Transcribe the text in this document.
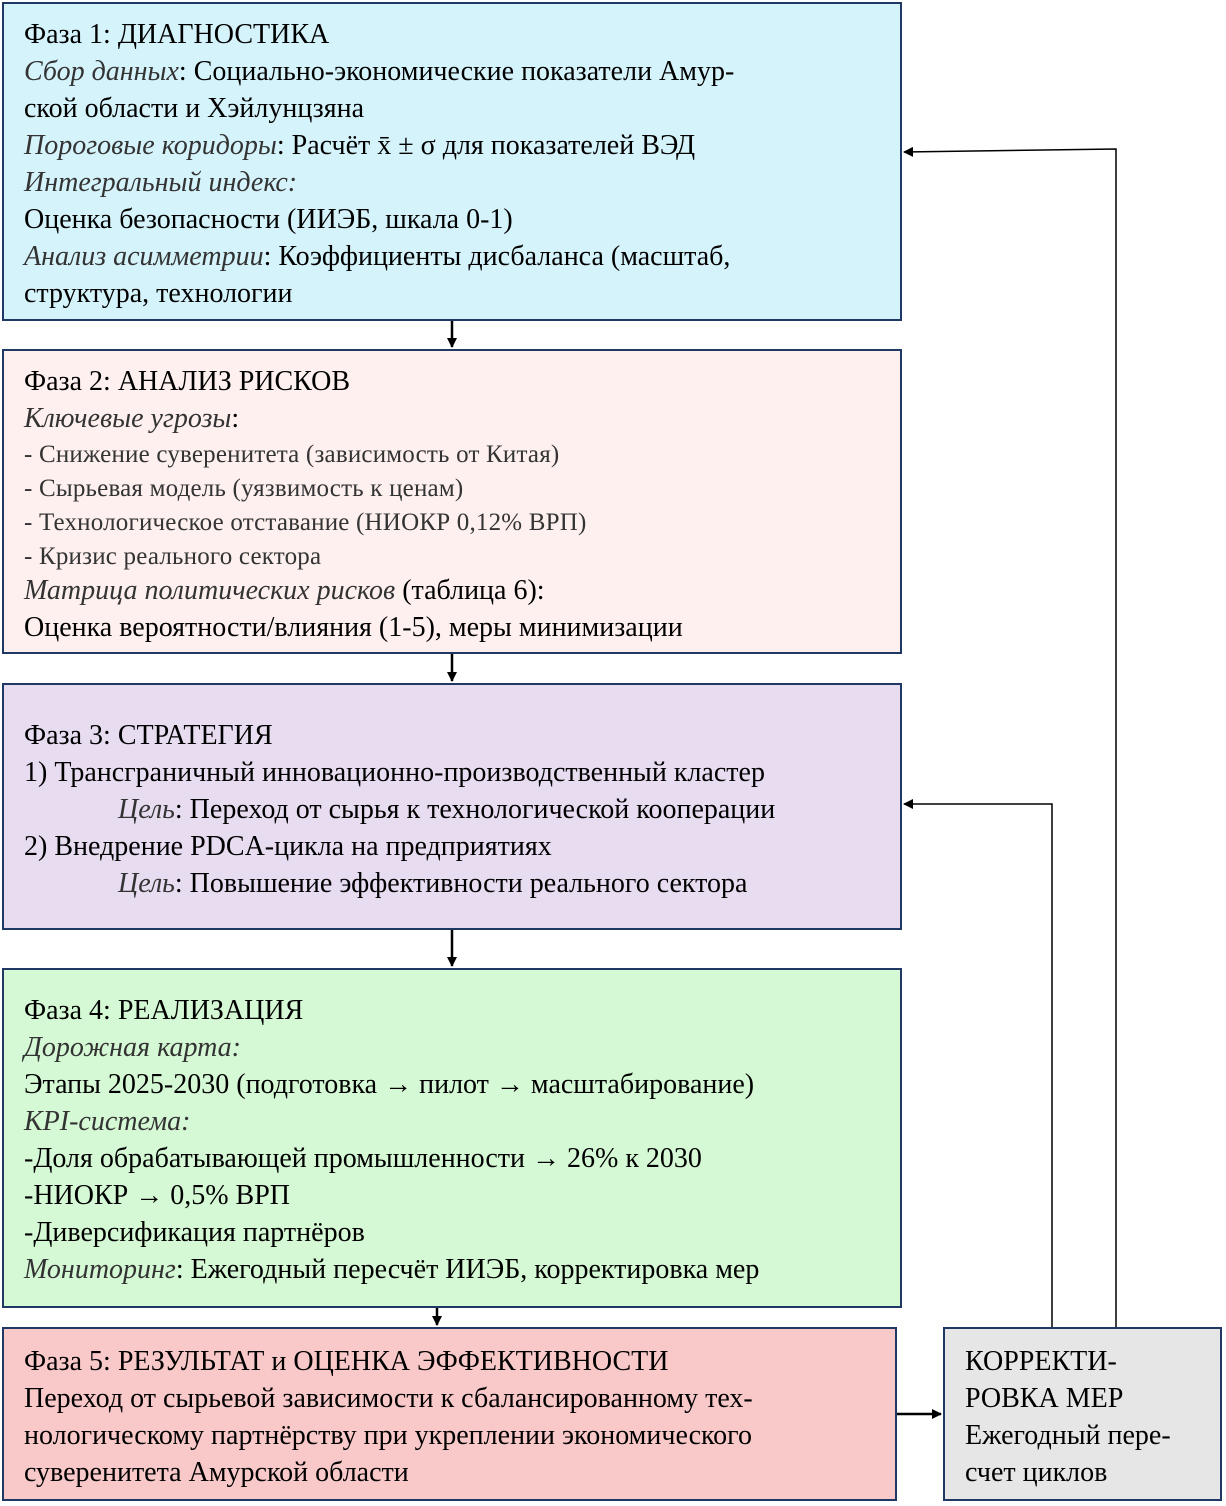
Фаза 1: ДИАГНОСТИКА
Сбор данных: Социально-экономические показатели Амур-
ской области и Хэйлунцзяна
Пороговые коридоры: Расчёт x̄ ± σ для показателей ВЭД
Интегральный индекс:
Оценка безопасности (ИИЭБ, шкала 0-1)
Анализ асимметрии: Коэффициенты дисбаланса (масштаб,
структура, технологии
Фаза 2: АНАЛИЗ РИСКОВ
Ключевые угрозы:
- Снижение суверенитета (зависимость от Китая)
- Сырьевая модель (уязвимость к ценам)
- Технологическое отставание (НИОКР 0,12% ВРП)
- Кризис реального сектора
Матрица политических рисков (таблица 6):
Оценка вероятности/влияния (1-5), меры минимизации
Фаза 3: СТРАТЕГИЯ
1) Трансграничный инновационно-производственный кластер
Цель: Переход от сырья к технологической кооперации
2) Внедрение PDCA-цикла на предприятиях
Цель: Повышение эффективности реального сектора
Фаза 4: РЕАЛИЗАЦИЯ
Дорожная карта:
Этапы 2025-2030 (подготовка → пилот → масштабирование)
KPI-система:
-Доля обрабатывающей промышленности → 26% к 2030
-НИОКР → 0,5% ВРП
-Диверсификация партнёров
Мониторинг: Ежегодный пересчёт ИИЭБ, корректировка мер
Фаза 5: РЕЗУЛЬТАТ и ОЦЕНКА ЭФФЕКТИВНОСТИ
Переход от сырьевой зависимости к сбалансированному тех-
нологическому партнёрству при укреплении экономического
суверенитета Амурской области
КОРРЕКТИ-
РОВКА МЕР
Ежегодный пере-
счет циклов
